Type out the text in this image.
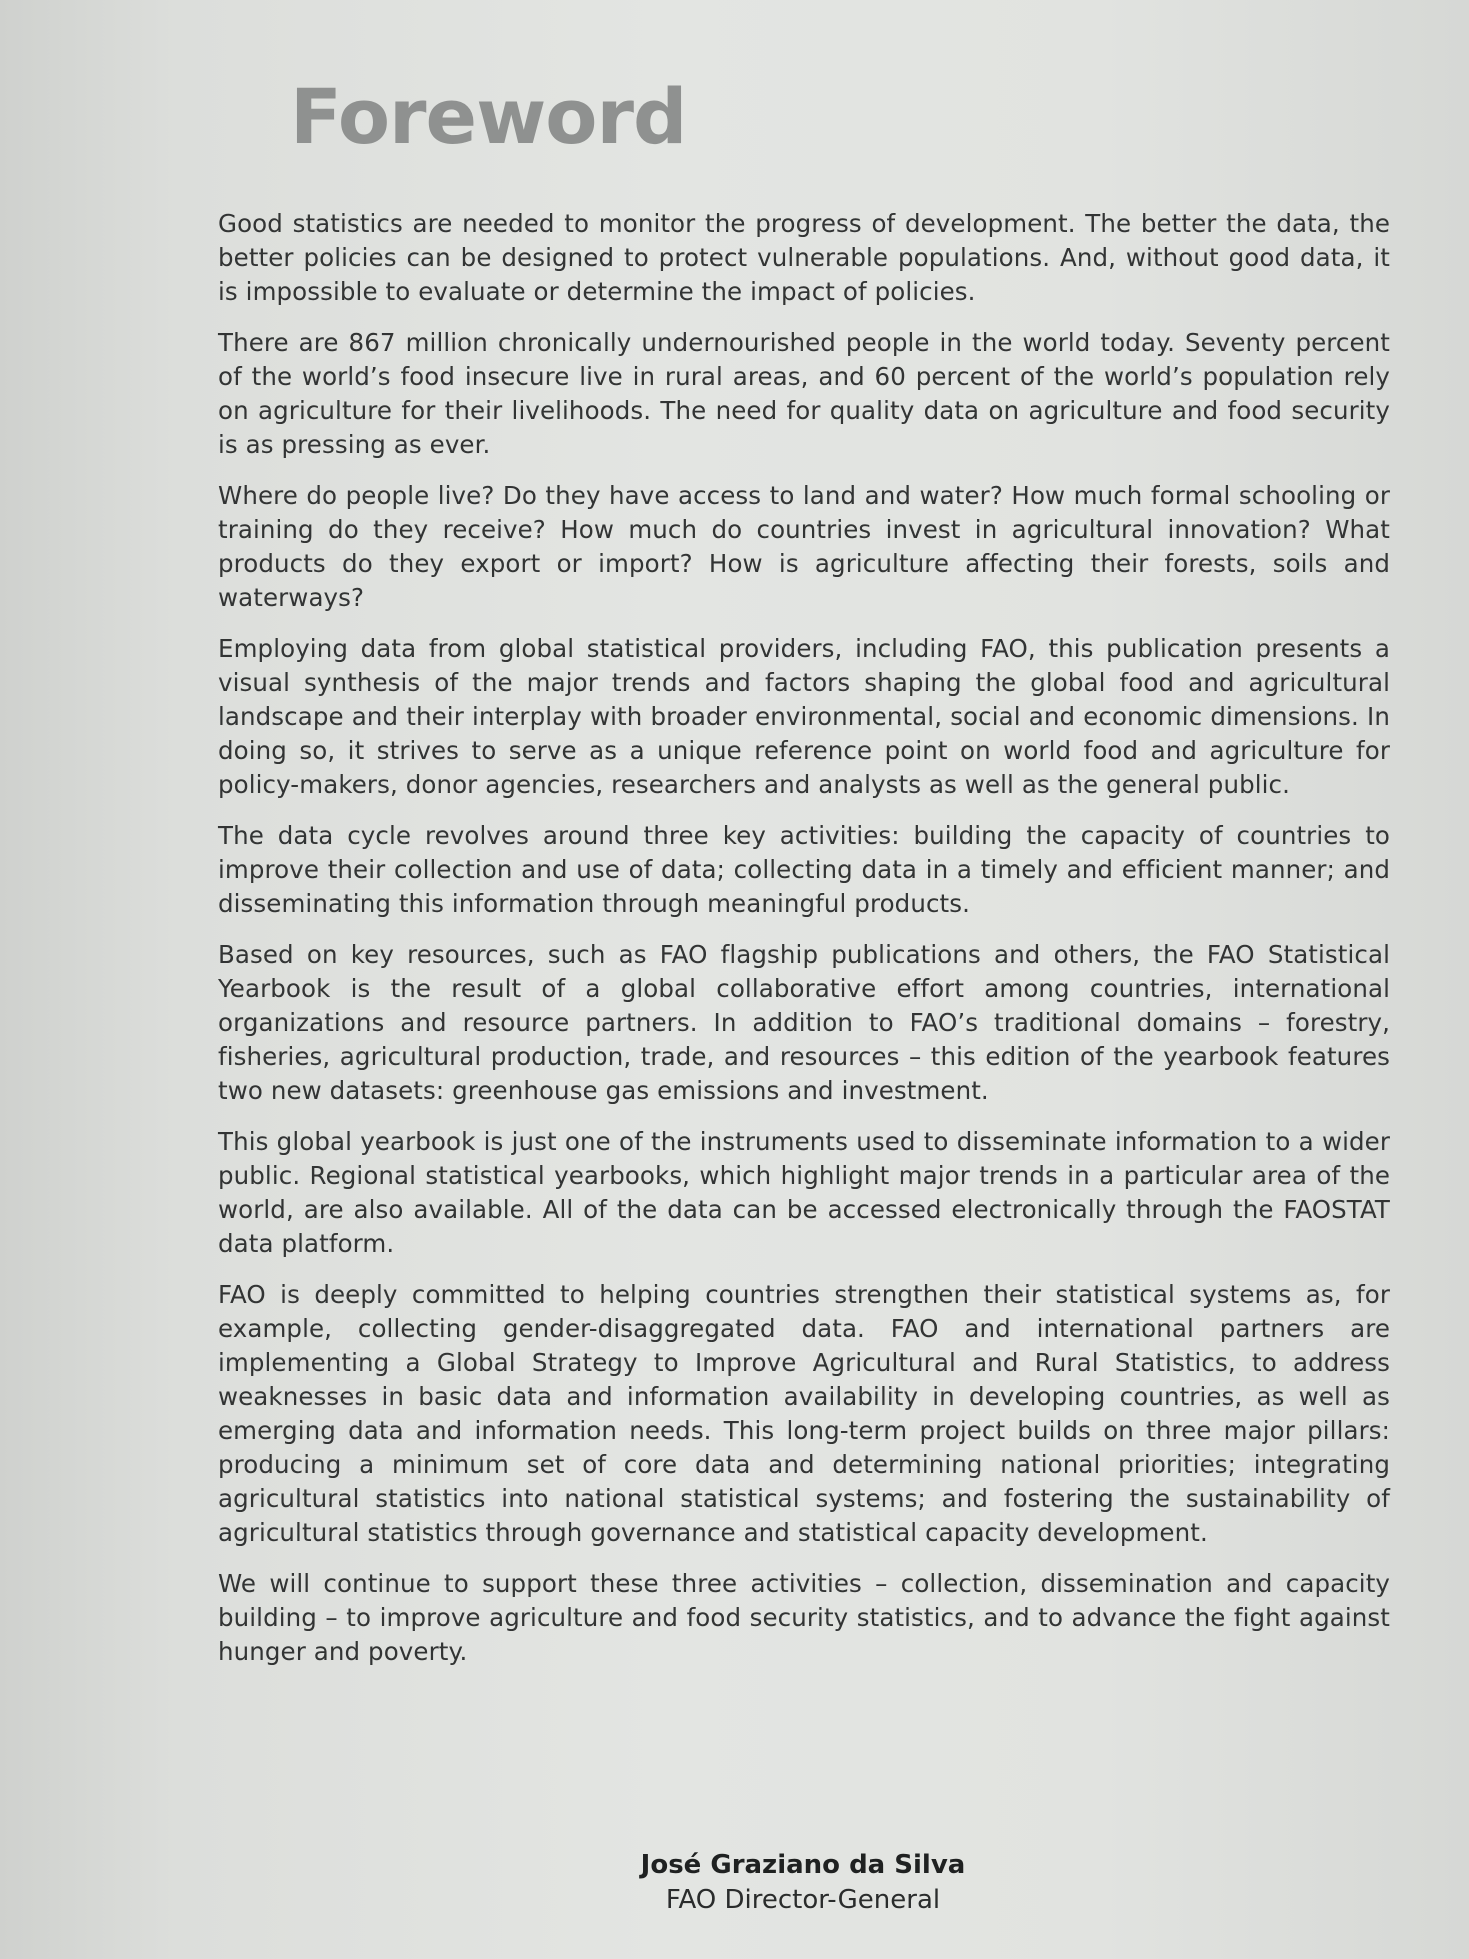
Foreword

Good statistics are needed to monitor the progress of development. The better the data, the better policies can be designed to protect vulnerable populations. And, without good data, it is impossible to evaluate or determine the impact of policies.

There are 867 million chronically undernourished people in the world today. Seventy percent of the world’s food insecure live in rural areas, and 60 percent of the world’s population rely on agriculture for their livelihoods. The need for quality data on agriculture and food security is as pressing as ever.

Where do people live? Do they have access to land and water? How much formal schooling or training do they receive? How much do countries invest in agricultural innovation? What products do they export or import? How is agriculture affecting their forests, soils and waterways?

Employing data from global statistical providers, including FAO, this publication presents a visual synthesis of the major trends and factors shaping the global food and agricultural landscape and their interplay with broader environmental, social and economic dimensions. In doing so, it strives to serve as a unique reference point on world food and agriculture for policy-makers, donor agencies, researchers and analysts as well as the general public.

The data cycle revolves around three key activities: building the capacity of countries to improve their collection and use of data; collecting data in a timely and efficient manner; and disseminating this information through meaningful products.

Based on key resources, such as FAO flagship publications and others, the FAO Statistical Yearbook is the result of a global collaborative effort among countries, international organizations and resource partners. In addition to FAO’s traditional domains – forestry, fisheries, agricultural production, trade, and resources – this edition of the yearbook features two new datasets: greenhouse gas emissions and investment.

This global yearbook is just one of the instruments used to disseminate information to a wider public. Regional statistical yearbooks, which highlight major trends in a particular area of the world, are also available. All of the data can be accessed electronically through the FAOSTAT data platform.

FAO is deeply committed to helping countries strengthen their statistical systems as, for example, collecting gender-disaggregated data. FAO and international partners are implementing a Global Strategy to Improve Agricultural and Rural Statistics, to address weaknesses in basic data and information availability in developing countries, as well as emerging data and information needs. This long-term project builds on three major pillars: producing a minimum set of core data and determining national priorities; integrating agricultural statistics into national statistical systems; and fostering the sustainability of agricultural statistics through governance and statistical capacity development.

We will continue to support these three activities – collection, dissemination and capacity building – to improve agriculture and food security statistics, and to advance the fight against hunger and poverty.

José Graziano da Silva
FAO Director-General
